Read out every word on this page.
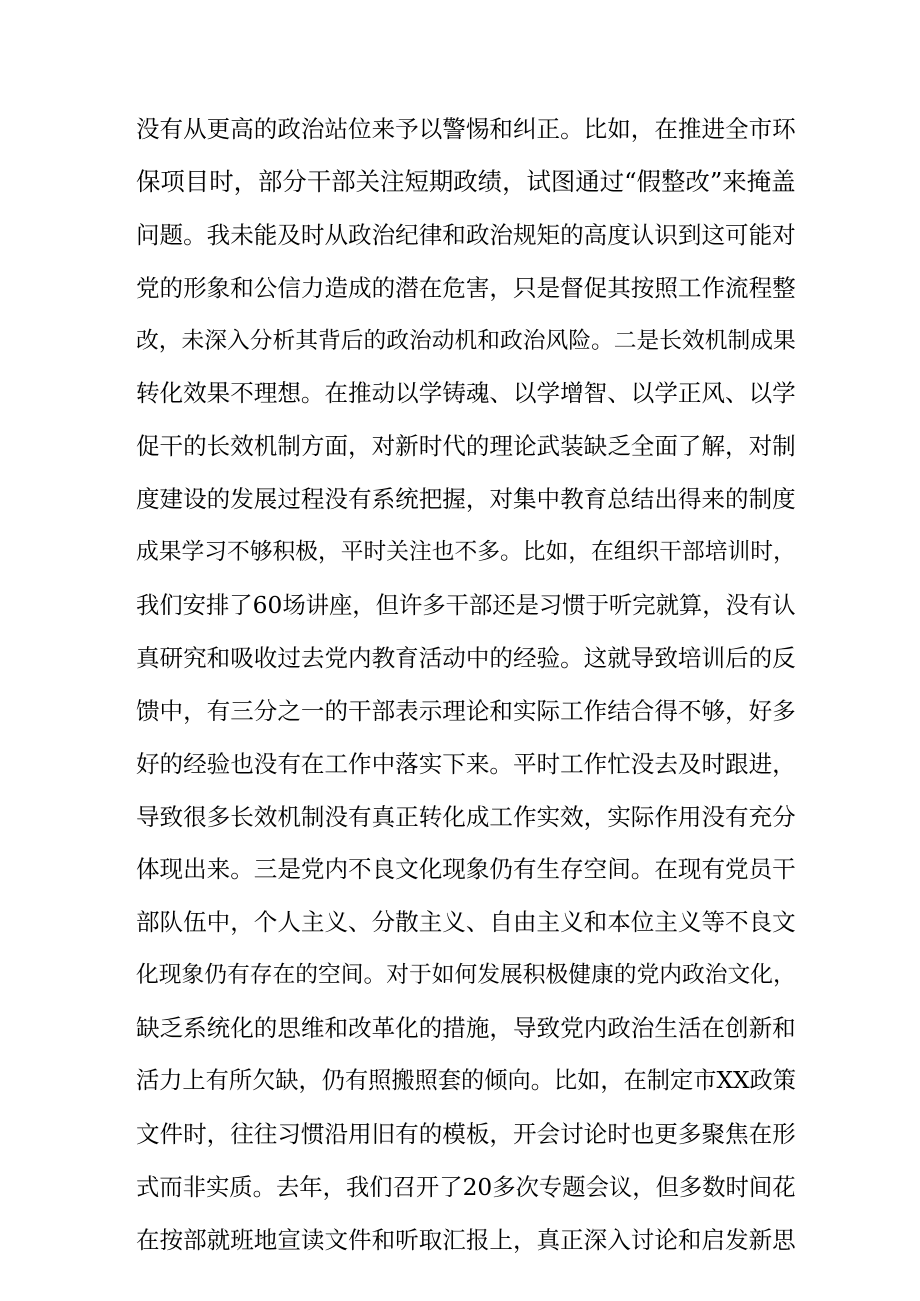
没有从更高的政治站位来予以警惕和纠正。比如，在推进全市环
保项目时，部分干部关注短期政绩，试图通过“假整改”来掩盖
问题。我未能及时从政治纪律和政治规矩的高度认识到这可能对
党的形象和公信力造成的潜在危害，只是督促其按照工作流程整
改，未深入分析其背后的政治动机和政治风险。二是长效机制成果
转化效果不理想。在推动以学铸魂、以学增智、以学正风、以学
促干的长效机制方面，对新时代的理论武装缺乏全面了解，对制
度建设的发展过程没有系统把握，对集中教育总结出得来的制度
成果学习不够积极，平时关注也不多。比如，在组织干部培训时，
我们安排了60场讲座，但许多干部还是习惯于听完就算，没有认
真研究和吸收过去党内教育活动中的经验。这就导致培训后的反
馈中，有三分之一的干部表示理论和实际工作结合得不够，好多
好的经验也没有在工作中落实下来。平时工作忙没去及时跟进，
导致很多长效机制没有真正转化成工作实效，实际作用没有充分
体现出来。三是党内不良文化现象仍有生存空间。在现有党员干
部队伍中，个人主义、分散主义、自由主义和本位主义等不良文
化现象仍有存在的空间。对于如何发展积极健康的党内政治文化，
缺乏系统化的思维和改革化的措施，导致党内政治生活在创新和
活力上有所欠缺，仍有照搬照套的倾向。比如，在制定市XX政策
文件时，往往习惯沿用旧有的模板，开会讨论时也更多聚焦在形
式而非实质。去年，我们召开了20多次专题会议，但多数时间花
在按部就班地宣读文件和听取汇报上，真正深入讨论和启发新思
